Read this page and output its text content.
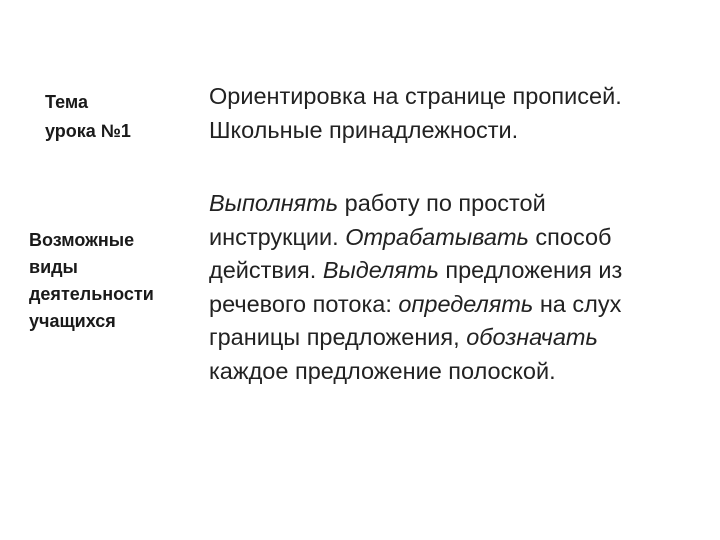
Тема
урока №1
Ориентировка на странице прописей.
Школьные принадлежности.
Возможные
виды
деятельности
учащихся
Выполнять работу по простой
инструкции. Отрабатывать способ
действия. Выделять предложения из
речевого потока: определять на слух
границы предложения, обозначать
каждое предложение полоской.
